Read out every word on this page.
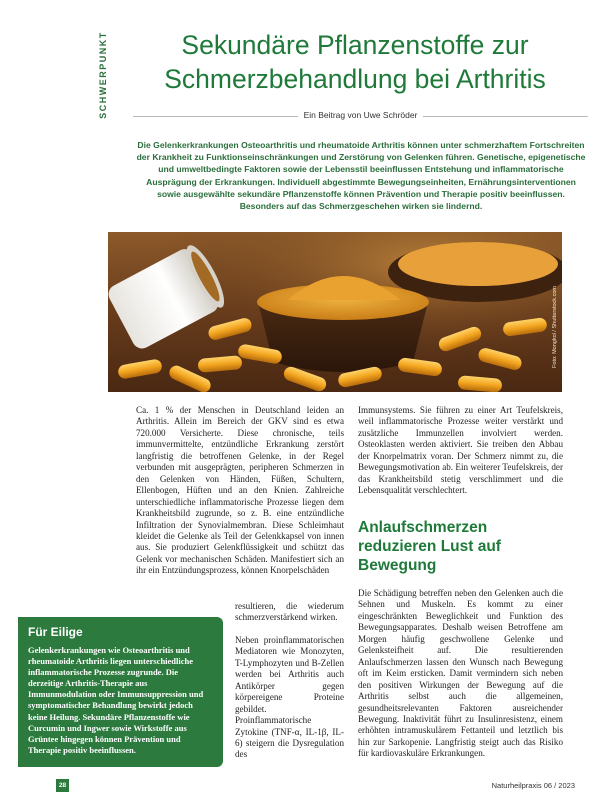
SCHWERPUNKT	Sekundäre Pflanzenstoffe zur
Schmerzbehandlung bei Arthritis
Ein Beitrag von Uwe Schröder

Die Gelenkerkrankungen Osteoarthritis und rheumatoide Arthritis können unter schmerzhaftem Fortschreiten der Krankheit zu Funktionseinschränkungen und Zerstörung von Gelenken führen. Genetische, epigenetische und umweltbedingte Faktoren sowie der Lebensstil beeinflussen Entstehung und inflammatorische Ausprägung der Erkrankungen. Individuell abgestimmte Bewegungseinheiten, Ernährungsinterventionen sowie ausgewählte sekundäre Pflanzenstoffe können Prävention und Therapie positiv beeinflussen. Besonders auf das Schmerzgeschehen wirken sie lindernd.

Foto: Mongkol / Shutterstock.com

Ca. 1 % der Menschen in Deutschland leiden an Arthritis. Allein im Bereich der GKV sind es etwa 720.000 Versicherte. Diese chronische, teils immunvermittelte, entzündliche Erkrankung zerstört langfristig die betroffenen Gelenke, in der Regel verbunden mit ausgeprägten, peripheren Schmerzen in den Gelenken von Händen, Füßen, Schultern, Ellenbogen, Hüften und an den Knien. Zahlreiche unterschiedliche inflammatorische Prozesse liegen dem Krankheitsbild zugrunde, so z. B. eine entzündliche Infiltration der Synovialmembran. Diese Schleimhaut kleidet die Gelenke als Teil der Gelenkkapsel von innen aus. Sie produziert Gelenkflüssigkeit und schützt das Gelenk vor mechanischen Schäden. Manifestiert sich an ihr ein Entzündungsprozess, können Knorpelschäden

resultieren, die wiederum schmerzverstärkend wirken.

Neben proinflammatorischen Mediatoren wie Monozyten, T-Lymphozyten und B-Zellen werden bei Arthritis auch Antikörper gegen körpereigene Proteine gebildet. Proinflammatorische Zytokine (TNF-α, IL-1β, IL-6) steigern die Dysregulation des

Immunsystems. Sie führen zu einer Art Teufelskreis, weil inflammatorische Prozesse weiter verstärkt und zusätzliche Immunzellen involviert werden. Osteoklasten werden aktiviert. Sie treiben den Abbau der Knorpelmatrix voran. Der Schmerz nimmt zu, die Bewegungsmotivation ab. Ein weiterer Teufelskreis, der das Krankheitsbild stetig verschlimmert und die Lebensqualität verschlechtert.

Anlaufschmerzen
reduzieren Lust auf
Bewegung

Die Schädigung betreffen neben den Gelenken auch die Sehnen und Muskeln. Es kommt zu einer eingeschränkten Beweglichkeit und Funktion des Bewegungsapparates. Deshalb weisen Betroffene am Morgen häufig geschwollene Gelenke und Gelenksteifheit auf. Die resultierenden Anlaufschmerzen lassen den Wunsch nach Bewegung oft im Keim ersticken. Damit vermindern sich neben den positiven Wirkungen der Bewegung auf die Arthritis selbst auch die allgemeinen, gesundheitsrelevanten Faktoren ausreichender Bewegung. Inaktivität führt zu Insulinresistenz, einem erhöhten intramuskulärem Fettanteil und letztlich bis hin zur Sarkopenie. Langfristig steigt auch das Risiko für kardiovaskuläre Erkrankungen.

Für Eilige

Gelenkerkrankungen wie Osteoarthritis und rheumatoide Arthritis liegen unterschiedliche inflammatorische Prozesse zugrunde. Die derzeitige Arthritis-Therapie aus Immunmodulation oder Immunsuppression und symptomatischer Behandlung bewirkt jedoch keine Heilung. Sekundäre Pflanzenstoffe wie Curcumin und Ingwer sowie Wirkstoffe aus Grüntee hingegen können Prävention und Therapie positiv beeinflussen.

28	Naturheilpraxis 06 / 2023
